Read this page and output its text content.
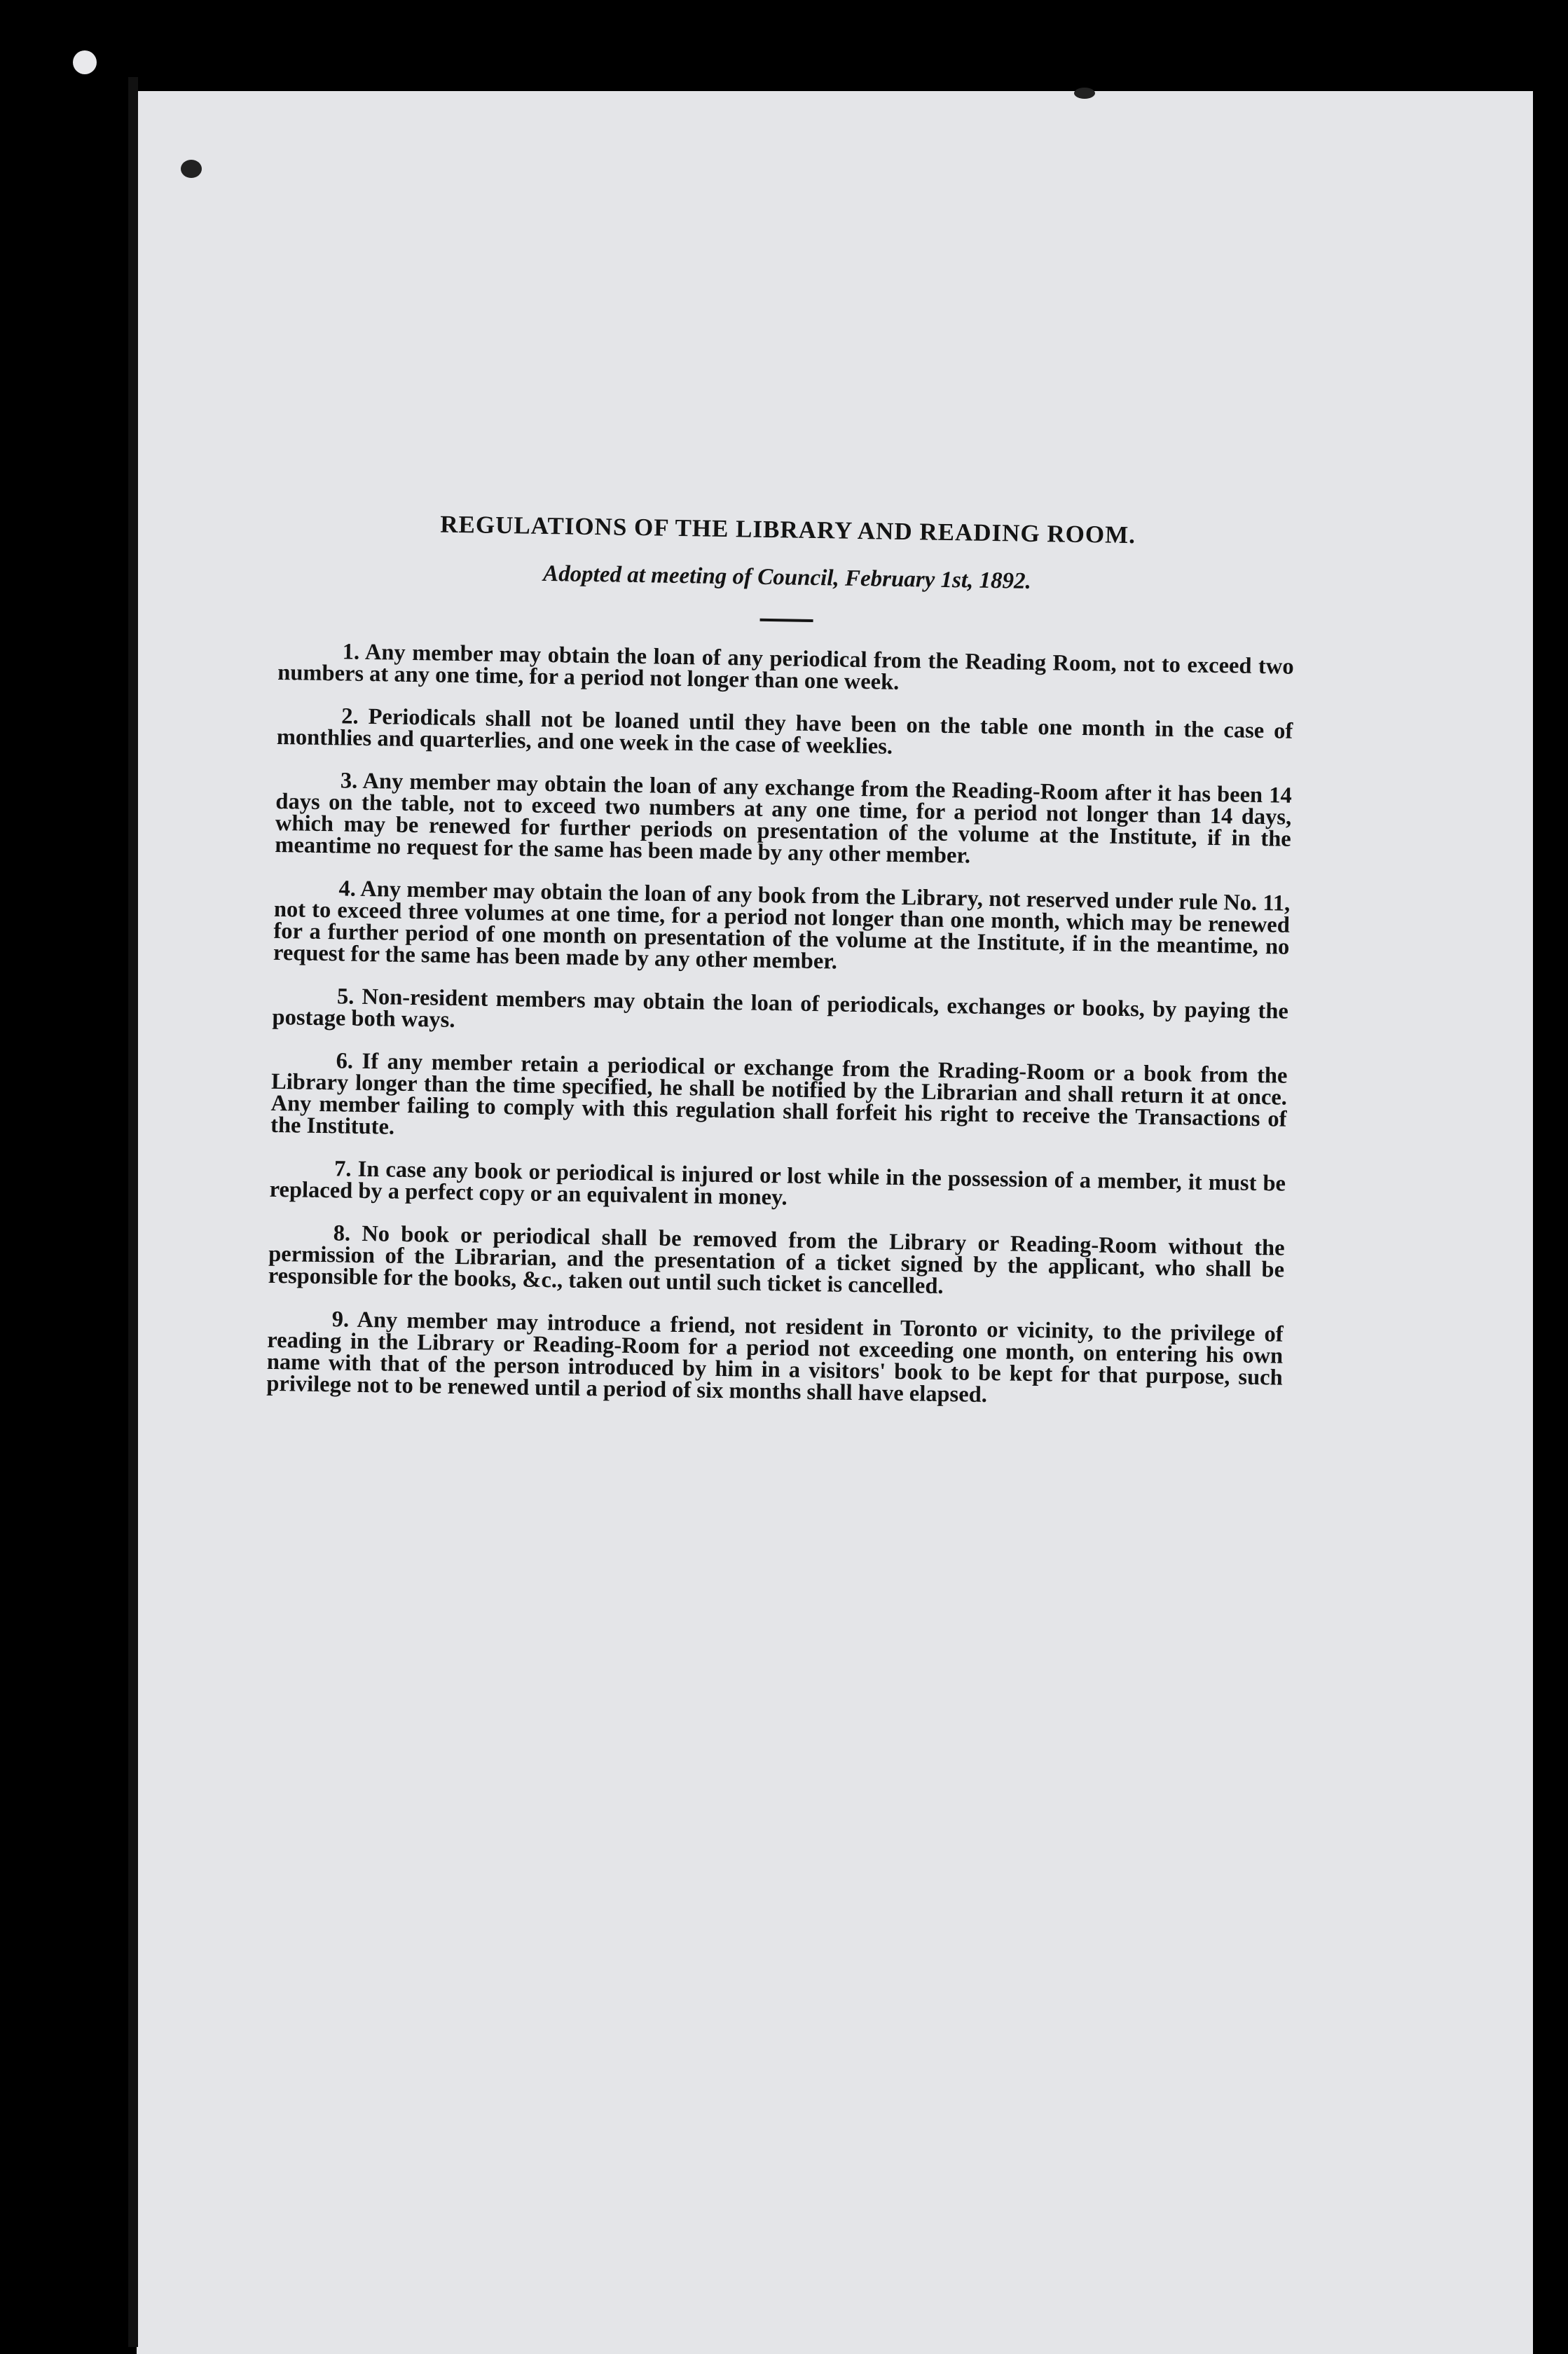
REGULATIONS OF THE LIBRARY AND READING ROOM.

Adopted at meeting of Council, February 1st, 1892.

1. Any member may obtain the loan of any periodical from the Reading Room, not to exceed two numbers at any one time, for a period not longer than one week.

2. Periodicals shall not be loaned until they have been on the table one month in the case of monthlies and quarterlies, and one week in the case of weeklies.

3. Any member may obtain the loan of any exchange from the Reading-Room after it has been 14 days on the table, not to exceed two numbers at any one time, for a period not longer than 14 days, which may be renewed for further periods on presentation of the volume at the Institute, if in the meantime no request for the same has been made by any other member.

4. Any member may obtain the loan of any book from the Library, not reserved under rule No. 11, not to exceed three volumes at one time, for a period not longer than one month, which may be renewed for a further period of one month on presentation of the volume at the Institute, if in the meantime, no request for the same has been made by any other member.

5. Non-resident members may obtain the loan of periodicals, exchanges or books, by paying the postage both ways.

6. If any member retain a periodical or exchange from the Rrading-Room or a book from the Library longer than the time specified, he shall be notified by the Librarian and shall return it at once. Any member failing to comply with this regulation shall forfeit his right to receive the Transactions of the Institute.

7. In case any book or periodical is injured or lost while in the possession of a member, it must be replaced by a perfect copy or an equivalent in money.

8. No book or periodical shall be removed from the Library or Reading-Room without the permission of the Librarian, and the presentation of a ticket signed by the applicant, who shall be responsible for the books, &c., taken out until such ticket is cancelled.

9. Any member may introduce a friend, not resident in Toronto or vicinity, to the privilege of reading in the Library or Reading-Room for a period not exceeding one month, on entering his own name with that of the person introduced by him in a visitors' book to be kept for that purpose, such privilege not to be renewed until a period of six months shall have elapsed.
